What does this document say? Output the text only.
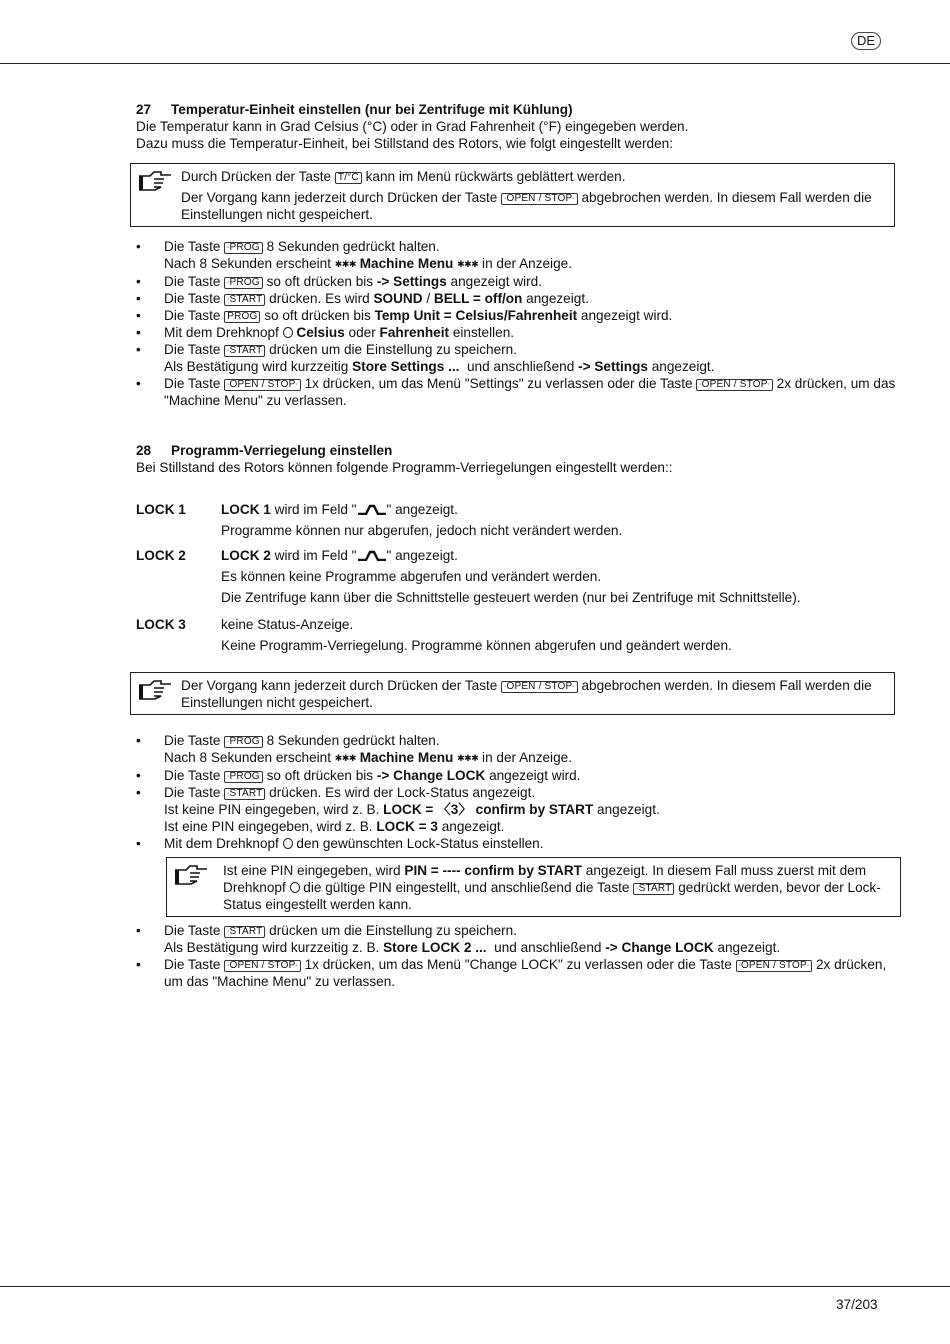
DE

27 Temperatur-Einheit einstellen (nur bei Zentrifuge mit Kühlung)

Die Temperatur kann in Grad Celsius (°C) oder in Grad Fahrenheit (°F) eingegeben werden.

Dazu muss die Temperatur-Einheit, bei Stillstand des Rotors, wie folgt eingestellt werden:

Durch Drücken der Taste T/°C kann im Menü rückwärts geblättert werden.

Der Vorgang kann jederzeit durch Drücken der Taste ◦OPEN / STOP◦ abgebrochen werden. In diesem Fall werden die Einstellungen nicht gespeichert.

• Die Taste ◦PROG 8 Sekunden gedrückt halten.
Nach 8 Sekunden erscheint ✱✱✱ Machine Menu ✱✱✱ in der Anzeige.
• Die Taste ◦PROG so oft drücken bis -> Settings angezeigt wird.
• Die Taste ◦START drücken. Es wird SOUND / BELL = off/on angezeigt.
• Die Taste PROG so oft drücken bis Temp Unit = Celsius/Fahrenheit angezeigt wird.
• Mit dem Drehknopf Celsius oder Fahrenheit einstellen.
• Die Taste ◦START drücken um die Einstellung zu speichern.
Als Bestätigung wird kurzzeitig Store Settings ... und anschließend -> Settings angezeigt.
• Die Taste ◦OPEN / STOP◦ 1x drücken, um das Menü "Settings" zu verlassen oder die Taste ◦OPEN / STOP◦ 2x drücken, um das "Machine Menu" zu verlassen.

28 Programm-Verriegelung einstellen

Bei Stillstand des Rotors können folgende Programm-Verriegelungen eingestellt werden::

LOCK 1	LOCK 1 wird im Feld " " angezeigt.

Programme können nur abgerufen, jedoch nicht verändert werden.

LOCK 2	LOCK 2 wird im Feld " " angezeigt.

Es können keine Programme abgerufen und verändert werden.

Die Zentrifuge kann über die Schnittstelle gesteuert werden (nur bei Zentrifuge mit Schnittstelle).

LOCK 3	keine Status-Anzeige.

Keine Programm-Verriegelung. Programme können abgerufen und geändert werden.

Der Vorgang kann jederzeit durch Drücken der Taste ◦OPEN / STOP◦ abgebrochen werden. In diesem Fall werden die Einstellungen nicht gespeichert.

• Die Taste ◦PROG 8 Sekunden gedrückt halten.
Nach 8 Sekunden erscheint ✱✱✱ Machine Menu ✱✱✱ in der Anzeige.
• Die Taste ◦PROG so oft drücken bis -> Change LOCK angezeigt wird.
• Die Taste ◦START drücken. Es wird der Lock-Status angezeigt.
Ist keine PIN eingegeben, wird z. B. LOCK = 〈3〉 confirm by START angezeigt.
Ist eine PIN eingegeben, wird z. B. LOCK = 3 angezeigt.
• Mit dem Drehknopf den gewünschten Lock-Status einstellen.

Ist eine PIN eingegeben, wird PIN = ---- confirm by START angezeigt. In diesem Fall muss zuerst mit dem Drehknopf die gültige PIN eingestellt, und anschließend die Taste ◦START gedrückt werden, bevor der Lock-Status eingestellt werden kann.

• Die Taste ◦START drücken um die Einstellung zu speichern.
Als Bestätigung wird kurzzeitig z. B. Store LOCK 2 ... und anschließend -> Change LOCK angezeigt.
• Die Taste ◦OPEN / STOP◦ 1x drücken, um das Menü "Change LOCK" zu verlassen oder die Taste ◦OPEN / STOP◦ 2x drücken, um das "Machine Menu" zu verlassen.
37/203
